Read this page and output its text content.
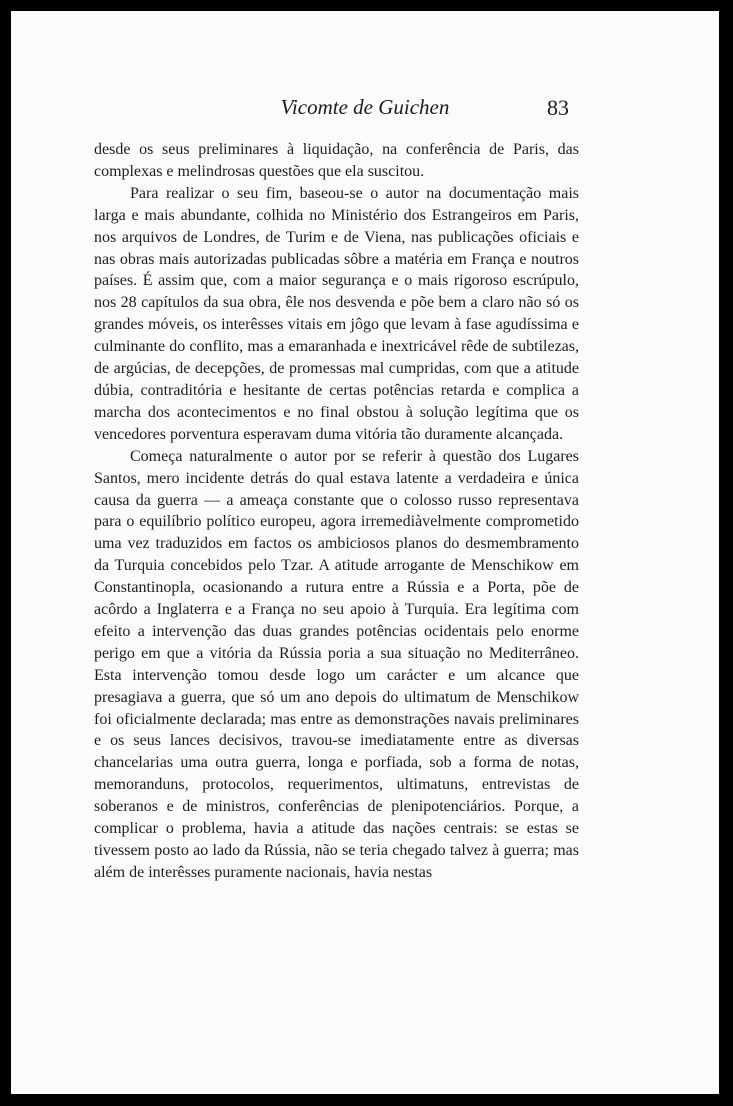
Vicomte de Guichen	83

desde os seus preliminares à liquidação, na conferência de Paris, das complexas e melindrosas questões que ela suscitou.

Para realizar o seu fim, baseou-se o autor na documentação mais larga e mais abundante, colhida no Ministério dos Estrangeiros em Paris, nos arquivos de Londres, de Turim e de Viena, nas publicações oficiais e nas obras mais autorizadas publicadas sôbre a matéria em França e noutros países. É assim que, com a maior segurança e o mais rigoroso escrúpulo, nos 28 capítulos da sua obra, êle nos desvenda e põe bem a claro não só os grandes móveis, os interêsses vitais em jôgo que levam à fase agudíssima e culminante do conflito, mas a emaranhada e inextricável rêde de subtilezas, de argúcias, de decepções, de promessas mal cumpridas, com que a atitude dúbia, contraditória e hesitante de certas potências retarda e complica a marcha dos acontecimentos e no final obstou à solução legítima que os vencedores porventura esperavam duma vitória tão duramente alcançada.

Começa naturalmente o autor por se referir à questão dos Lugares Santos, mero incidente detrás do qual estava latente a verdadeira e única causa da guerra — a ameaça constante que o colosso russo representava para o equilíbrio político europeu, agora irremediàvelmente comprometido uma vez traduzidos em factos os ambiciosos planos do desmembramento da Turquia concebidos pelo Tzar. A atitude arrogante de Menschikow em Constantinopla, ocasionando a rutura entre a Rússia e a Porta, põe de acôrdo a Inglaterra e a França no seu apoio à Turquia. Era legítima com efeito a intervenção das duas grandes potências ocidentais pelo enorme perigo em que a vitória da Rússia poria a sua situação no Mediterrâneo. Esta intervenção tomou desde logo um carácter e um alcance que presagiava a guerra, que só um ano depois do ultimatum de Menschikow foi oficialmente declarada; mas entre as demonstrações navais preliminares e os seus lances decisivos, travou-se imediatamente entre as diversas chancelarias uma outra guerra, longa e porfiada, sob a forma de notas, memoranduns, protocolos, requerimentos, ultimatuns, entrevistas de soberanos e de ministros, conferências de plenipotenciários. Porque, a complicar o problema, havia a atitude das nações centrais: se estas se tivessem posto ao lado da Rússia, não se teria chegado talvez à guerra; mas além de interêsses puramente nacionais, havia nestas
